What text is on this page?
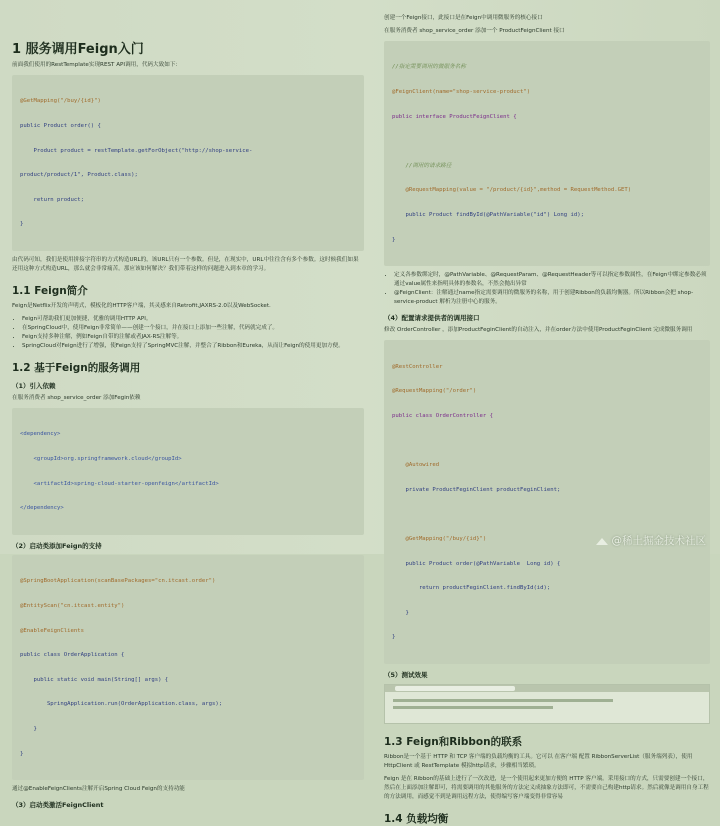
1 服务调用Feign入门

前面我们使用的RestTemplate实现REST API调用，代码大致如下：

@GetMapping("/buy/{id}")

public Product order() {

Product product = restTemplate.getForObject("http://shop-service-

product/product/1", Product.class);

return product;

}

由代码可知，我们是使用拼接字符串的方式构造URL的，该URL只有一个参数。但是，在现实中，URL中往往含有多个参数。这时候我们如果还用这种方式构造URL，那么就会非常痛苦。那应该如何解决？我们带着这样的问题进入到本章的学习。

1.1 Feign简介

Feign是Netflix开发的声明式，模板化的HTTP客户端，其灵感来自Retrofit,JAXRS-2.0以及WebSocket.

• Feign可帮助我们更加便捷，优雅的调用HTTP API。
• 在SpringCloud中，使用Feign非常简单——创建一个接口，并在接口上添加一些注解，代码就完成了。
• Feign支持多种注解，例如Feign自带的注解或者JAX-RS注解等。
• SpringCloud对Feign进行了增强，使Feign支持了SpringMVC注解，并整合了Ribbon和Eureka，从而让Feign的使用更加方便。
1.2 基于Feign的服务调用
（1）引入依赖

在服务消费者 shop_service_order 添加Fegin依赖

<dependency>

<groupId>org.springframework.cloud</groupId>

<artifactId>spring-cloud-starter-openfeign</artifactId>

</dependency>

（2）启动类添加Feign的支持

@SpringBootApplication(scanBasePackages="cn.itcast.order")

@EntityScan("cn.itcast.entity")

@EnableFeignClients

public class OrderApplication {

public static void main(String[] args) {

SpringApplication.run(OrderApplication.class, args);

}

}

通过@EnableFeignClients注解开启Spring Cloud Feign的支持功能

（3）启动类激活FeignClient

创建一个Feign接口，此接口是在Feign中调用微服务的核心接口

在服务消费者 shop_service_order 添加一个 ProductFeignClient 接口

//指定需要调用的微服务名称

@FeignClient(name="shop-service-product")

public interface ProductFeignClient {

//调用的请求路径

@RequestMapping(value = "/product/{id}",method = RequestMethod.GET)

public Product findById(@PathVariable("id") Long id);

}

• 定义各参数绑定时，@PathVariable、@RequestParam、@RequestHeader等可以指定参数属性，在Feign中绑定参数必须通过value属性来指明具体的参数名，不然会抛出异常
• @FeignClient：注解通过name指定需要调用的微服务的名称，用于创建Ribbon的负载均衡器。所以Ribbon会把 shop-service-product 解析为注册中心的服务。
（4）配置请求提供者的调用接口

修改 OrderController ，添加ProductFeginClient的自动注入，并在order方法中使用ProductFeginClient 完成微服务调用

@RestController

@RequestMapping("/order")

public class OrderController {

@Autowired

private ProductFeginClient productFeginClient;

@GetMapping("/buy/{id}")

public Product order(@PathVariable  Long id) {

return productFeginClient.findById(id);

}

}

（5）测试效果
1.3 Feign和Ribbon的联系

Ribbon是一个基于 HTTP 和 TCP 客户端的负载均衡的工具。它可以 在客户端 配置 RibbonServerList（服务端列表），使用 HttpClient 或 RestTemplate 模拟http请求，步骤相当繁琐。

Feign 是在 Ribbon的基础上进行了一次改进，是一个使用起来更加方便的 HTTP 客户端。采用接口的方式，只需要创建一个接口，然后在上面添加注解即可，将需要调用的其他服务的方法定义成抽象方法即可，不需要自己构建http请求。然后就像是调用自身工程的方法调用，而感觉不到是调用远程方法，使得编写客户端变得非常容易

1.4 负载均衡
@稀土掘金技术社区
